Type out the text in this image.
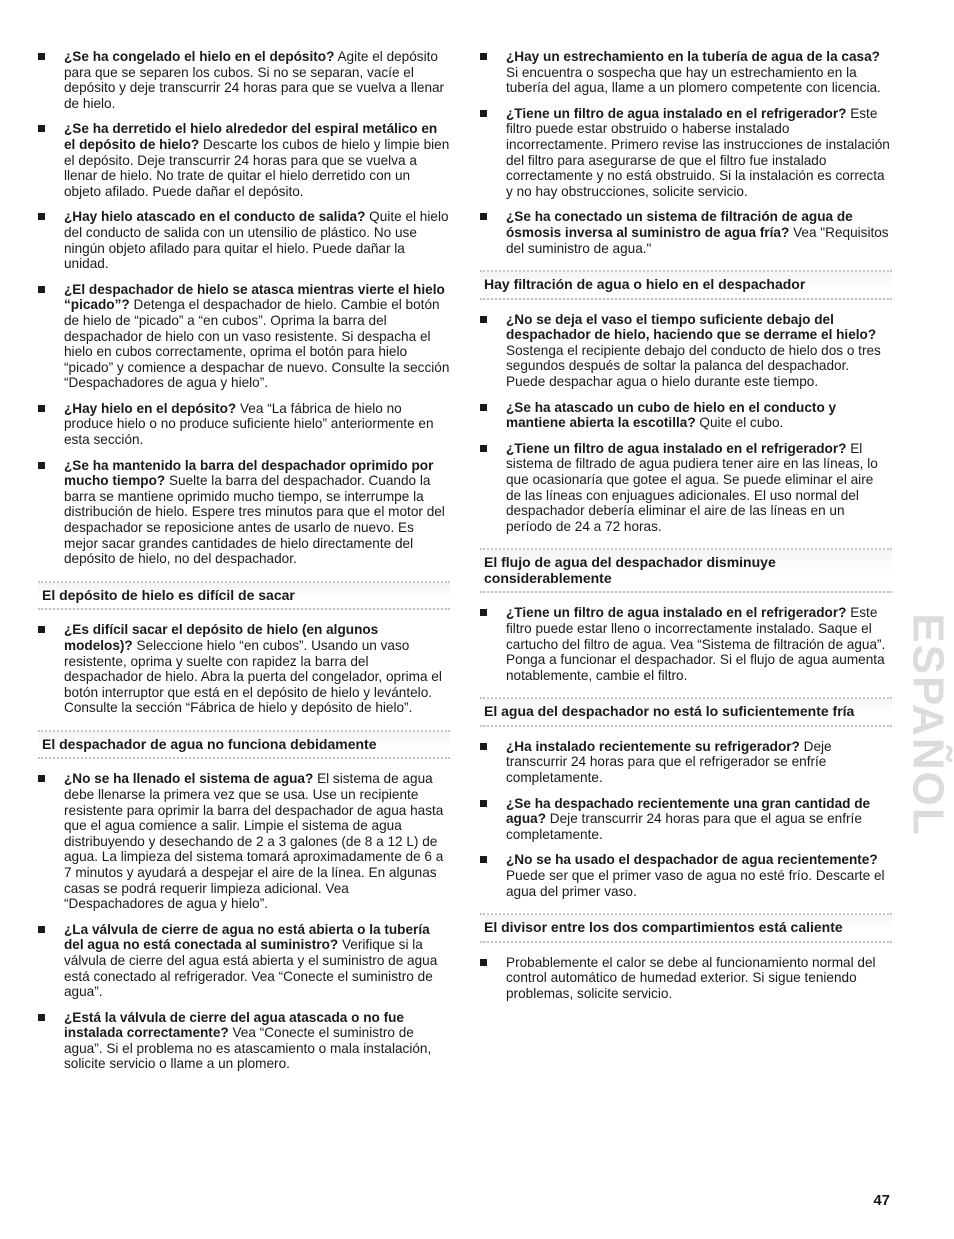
¿Se ha congelado el hielo en el depósito? Agite el depósito para que se separen los cubos. Si no se separan, vacíe el depósito y deje transcurrir 24 horas para que se vuelva a llenar de hielo.
¿Se ha derretido el hielo alrededor del espiral metálico en el depósito de hielo? Descarte los cubos de hielo y limpie bien el depósito. Deje transcurrir 24 horas para que se vuelva a llenar de hielo. No trate de quitar el hielo derretido con un objeto afilado. Puede dañar el depósito.
¿Hay hielo atascado en el conducto de salida? Quite el hielo del conducto de salida con un utensilio de plástico. No use ningún objeto afilado para quitar el hielo. Puede dañar la unidad.
¿El despachador de hielo se atasca mientras vierte el hielo “picado”? Detenga el despachador de hielo. Cambie el botón de hielo de “picado” a “en cubos”. Oprima la barra del despachador de hielo con un vaso resistente. Si despacha el hielo en cubos correctamente, oprima el botón para hielo “picado” y comience a despachar de nuevo. Consulte la sección “Despachadores de agua y hielo”.
¿Hay hielo en el depósito? Vea “La fábrica de hielo no produce hielo o no produce suficiente hielo” anteriormente en esta sección.
¿Se ha mantenido la barra del despachador oprimido por mucho tiempo? Suelte la barra del despachador. Cuando la barra se mantiene oprimido mucho tiempo, se interrumpe la distribución de hielo. Espere tres minutos para que el motor del despachador se reposicione antes de usarlo de nuevo. Es mejor sacar grandes cantidades de hielo directamente del depósito de hielo, no del despachador.
El depósito de hielo es difícil de sacar
¿Es difícil sacar el depósito de hielo (en algunos modelos)? Seleccione hielo “en cubos”. Usando un vaso resistente, oprima y suelte con rapidez la barra del despachador de hielo. Abra la puerta del congelador, oprima el botón interruptor que está en el depósito de hielo y levántelo. Consulte la sección “Fábrica de hielo y depósito de hielo”.
El despachador de agua no funciona debidamente
¿No se ha llenado el sistema de agua? El sistema de agua debe llenarse la primera vez que se usa. Use un recipiente resistente para oprimir la barra del despachador de agua hasta que el agua comience a salir. Limpie el sistema de agua distribuyendo y desechando de 2 a 3 galones (de 8 a 12 L) de agua. La limpieza del sistema tomará aproximadamente de 6 a 7 minutos y ayudará a despejar el aire de la línea. En algunas casas se podrá requerir limpieza adicional. Vea “Despachadores de agua y hielo”.
¿La válvula de cierre de agua no está abierta o la tubería del agua no está conectada al suministro? Verifique si la válvula de cierre del agua está abierta y el suministro de agua está conectado al refrigerador. Vea “Conecte el suministro de agua”.
¿Está la válvula de cierre del agua atascada o no fue instalada correctamente? Vea “Conecte el suministro de agua”. Si el problema no es atascamiento o mala instalación, solicite servicio o llame a un plomero.
¿Hay un estrechamiento en la tubería de agua de la casa? Si encuentra o sospecha que hay un estrechamiento en la tubería del agua, llame a un plomero competente con licencia.
¿Tiene un filtro de agua instalado en el refrigerador? Este filtro puede estar obstruido o haberse instalado incorrectamente. Primero revise las instrucciones de instalación del filtro para asegurarse de que el filtro fue instalado correctamente y no está obstruido. Si la instalación es correcta y no hay obstrucciones, solicite servicio.
¿Se ha conectado un sistema de filtración de agua de ósmosis inversa al suministro de agua fría? Vea "Requisitos del suministro de agua."
Hay filtración de agua o hielo en el despachador
¿No se deja el vaso el tiempo suficiente debajo del despachador de hielo, haciendo que se derrame el hielo? Sostenga el recipiente debajo del conducto de hielo dos o tres segundos después de soltar la palanca del despachador. Puede despachar agua o hielo durante este tiempo.
¿Se ha atascado un cubo de hielo en el conducto y mantiene abierta la escotilla? Quite el cubo.
¿Tiene un filtro de agua instalado en el refrigerador? El sistema de filtrado de agua pudiera tener aire en las líneas, lo que ocasionaría que gotee el agua. Se puede eliminar el aire de las líneas con enjuagues adicionales. El uso normal del despachador debería eliminar el aire de las líneas en un período de 24 a 72 horas.
El flujo de agua del despachador disminuye considerablemente
¿Tiene un filtro de agua instalado en el refrigerador? Este filtro puede estar lleno o incorrectamente instalado. Saque el cartucho del filtro de agua. Vea “Sistema de filtración de agua”. Ponga a funcionar el despachador. Si el flujo de agua aumenta notablemente, cambie el filtro.
El agua del despachador no está lo suficientemente fría
¿Ha instalado recientemente su refrigerador? Deje transcurrir 24 horas para que el refrigerador se enfríe completamente.
¿Se ha despachado recientemente una gran cantidad de agua? Deje transcurrir 24 horas para que el agua se enfríe completamente.
¿No se ha usado el despachador de agua recientemente? Puede ser que el primer vaso de agua no esté frío. Descarte el agua del primer vaso.
El divisor entre los dos compartimientos está caliente
Probablemente el calor se debe al funcionamiento normal del control automático de humedad exterior. Si sigue teniendo problemas, solicite servicio.
ESPAÑOL
47
